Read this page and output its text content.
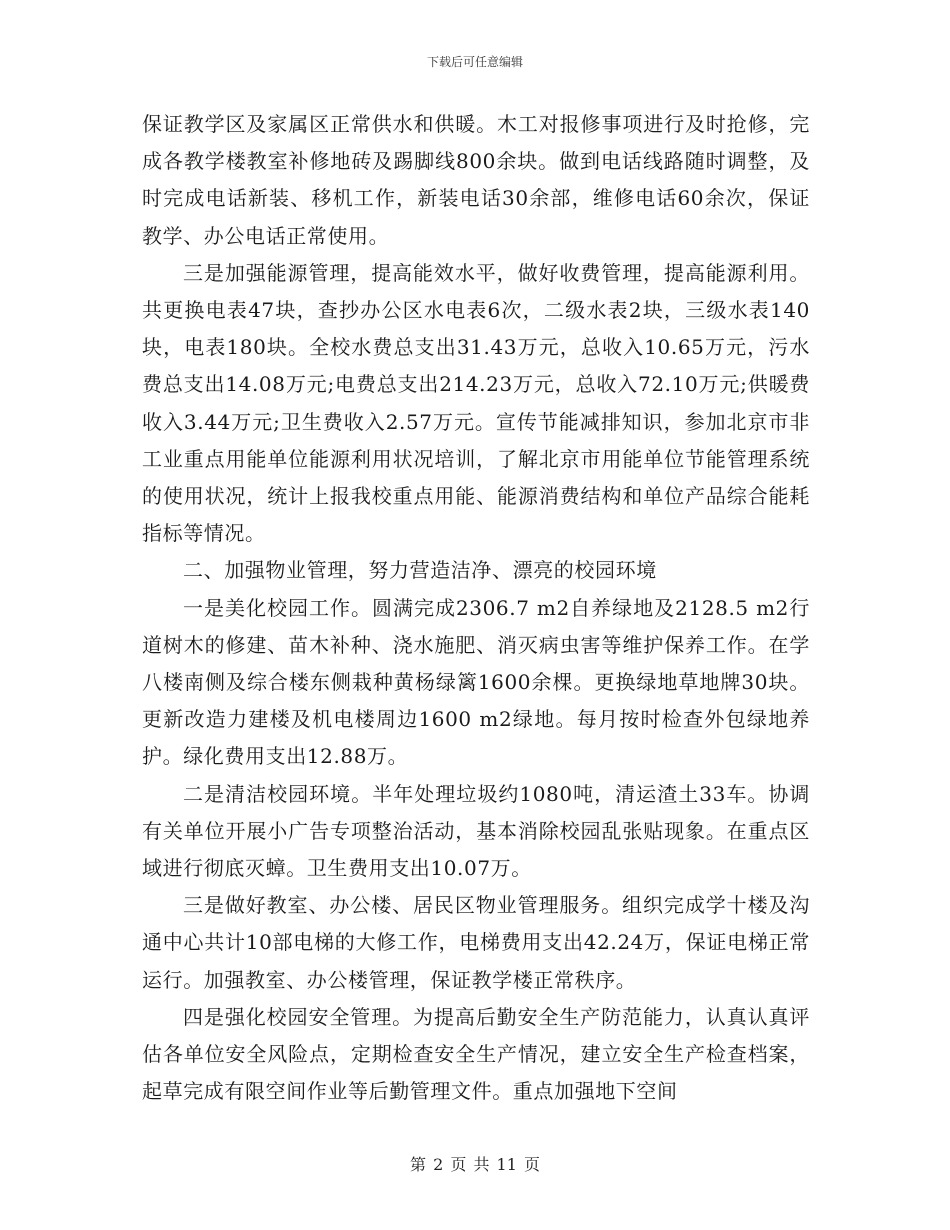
下载后可任意编辑

保证教学区及家属区正常供水和供暖。木工对报修事项进行及时抢修，完成各教学楼教室补修地砖及踢脚线800余块。做到电话线路随时调整，及时完成电话新装、移机工作，新装电话30余部，维修电话60余次，保证教学、办公电话正常使用。

三是加强能源管理，提高能效水平，做好收费管理，提高能源利用。共更换电表47块，查抄办公区水电表6次，二级水表2块，三级水表140块，电表180块。全校水费总支出31.43万元，总收入10.65万元，污水费总支出14.08万元;电费总支出214.23万元，总收入72.10万元;供暖费收入3.44万元;卫生费收入2.57万元。宣传节能减排知识，参加北京市非工业重点用能单位能源利用状况培训，了解北京市用能单位节能管理系统的使用状况，统计上报我校重点用能、能源消费结构和单位产品综合能耗指标等情况。

二、加强物业管理，努力营造洁净、漂亮的校园环境

一是美化校园工作。圆满完成2306.7 m2自养绿地及2128.5 m2行道树木的修建、苗木补种、浇水施肥、消灭病虫害等维护保养工作。在学八楼南侧及综合楼东侧栽种黄杨绿篱1600余棵。更换绿地草地牌30块。更新改造力建楼及机电楼周边1600 m2绿地。每月按时检查外包绿地养护。绿化费用支出12.88万。

二是清洁校园环境。半年处理垃圾约1080吨，清运渣土33车。协调有关单位开展小广告专项整治活动，基本消除校园乱张贴现象。在重点区域进行彻底灭蟑。卫生费用支出10.07万。

三是做好教室、办公楼、居民区物业管理服务。组织完成学十楼及沟通中心共计10部电梯的大修工作，电梯费用支出42.24万，保证电梯正常运行。加强教室、办公楼管理，保证教学楼正常秩序。

四是强化校园安全管理。为提高后勤安全生产防范能力，认真认真评估各单位安全风险点，定期检查安全生产情况，建立安全生产检查档案，起草完成有限空间作业等后勤管理文件。重点加强地下空间

第 2 页 共 11 页
